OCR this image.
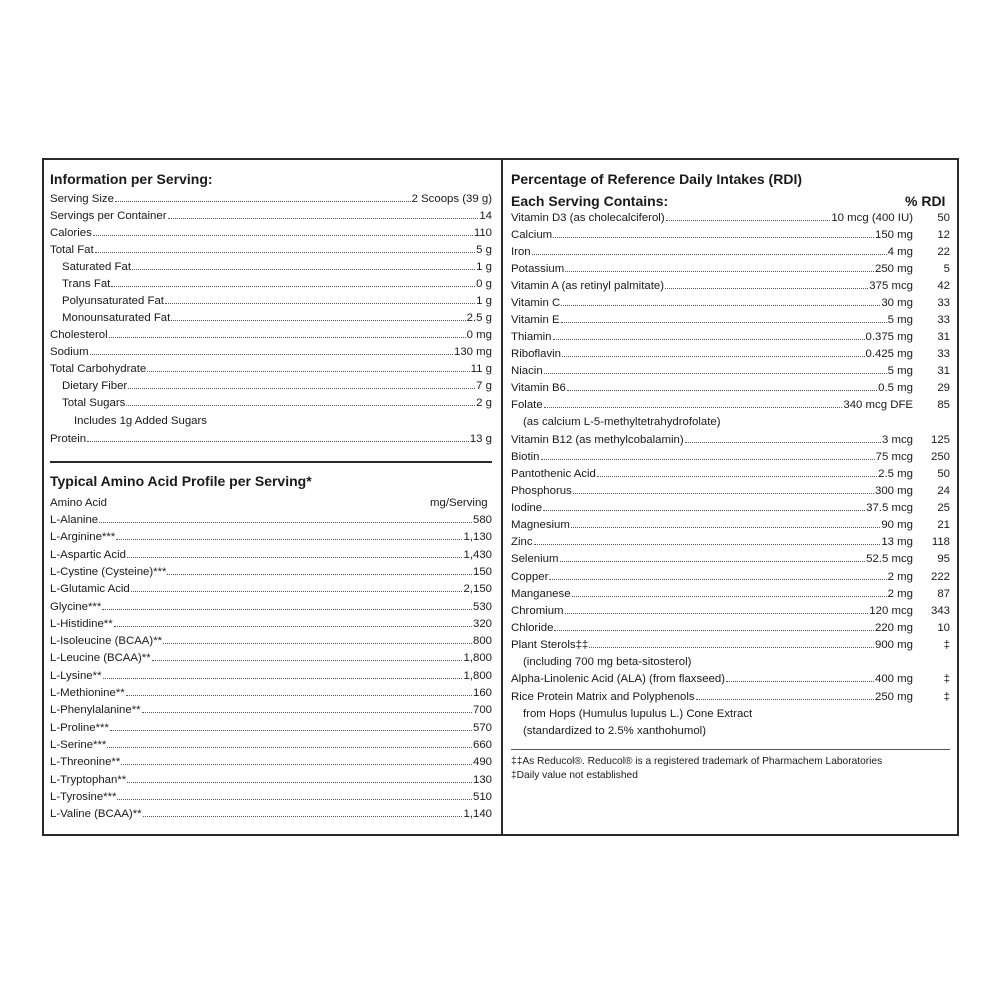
Information per Serving:
Serving Size	2 Scoops (39 g)
Servings per Container	14
Calories	110
Total Fat	5 g
Saturated Fat	1 g
Trans Fat	0 g
Polyunsaturated Fat	1 g
Monounsaturated Fat	2.5 g
Cholesterol	0 mg
Sodium	130 mg
Total Carbohydrate	11 g
Dietary Fiber	7 g
Total Sugars	2 g
Includes 1g Added Sugars
Protein	13 g
Typical Amino Acid Profile per Serving*
Amino Acid	mg/Serving
L-Alanine	580
L-Arginine***	1,130
L-Aspartic Acid	1,430
L-Cystine (Cysteine)***	150
L-Glutamic Acid	2,150
Glycine***	530
L-Histidine**	320
L-Isoleucine (BCAA)**	800
L-Leucine (BCAA)**	1,800
L-Lysine**	1,800
L-Methionine**	160
L-Phenylalanine**	700
L-Proline***	570
L-Serine***	660
L-Threonine**	490
L-Tryptophan**	130
L-Tyrosine***	510
L-Valine (BCAA)**	1,140
Percentage of Reference Daily Intakes (RDI)
Each Serving Contains:	% RDI
Vitamin D3 (as cholecalciferol)	10 mcg (400 IU)	50
Calcium	150 mg	12
Iron	4 mg	22
Potassium	250 mg	5
Vitamin A (as retinyl palmitate)	375 mcg	42
Vitamin C	30 mg	33
Vitamin E	5 mg	33
Thiamin	0.375 mg	31
Riboflavin	0.425 mg	33
Niacin	5 mg	31
Vitamin B6	0.5 mg	29
Folate	340 mcg DFE	85
(as calcium L-5-methyltetrahydrofolate)
Vitamin B12 (as methylcobalamin)	3 mcg	125
Biotin	75 mcg	250
Pantothenic Acid	2.5 mg	50
Phosphorus	300 mg	24
Iodine	37.5 mcg	25
Magnesium	90 mg	21
Zinc	13 mg	118
Selenium	52.5 mcg	95
Copper	2 mg	222
Manganese	2 mg	87
Chromium	120 mcg	343
Chloride	220 mg	10
Plant Sterols‡‡	900 mg	‡
(including 700 mg beta-sitosterol)
Alpha-Linolenic Acid (ALA) (from flaxseed)	400 mg	‡
Rice Protein Matrix and Polyphenols	250 mg	‡
from Hops (Humulus lupulus L.) Cone Extract
(standardized to 2.5% xanthohumol)
‡‡As Reducol®. Reducol® is a registered trademark of Pharmachem Laboratories
‡Daily value not established
